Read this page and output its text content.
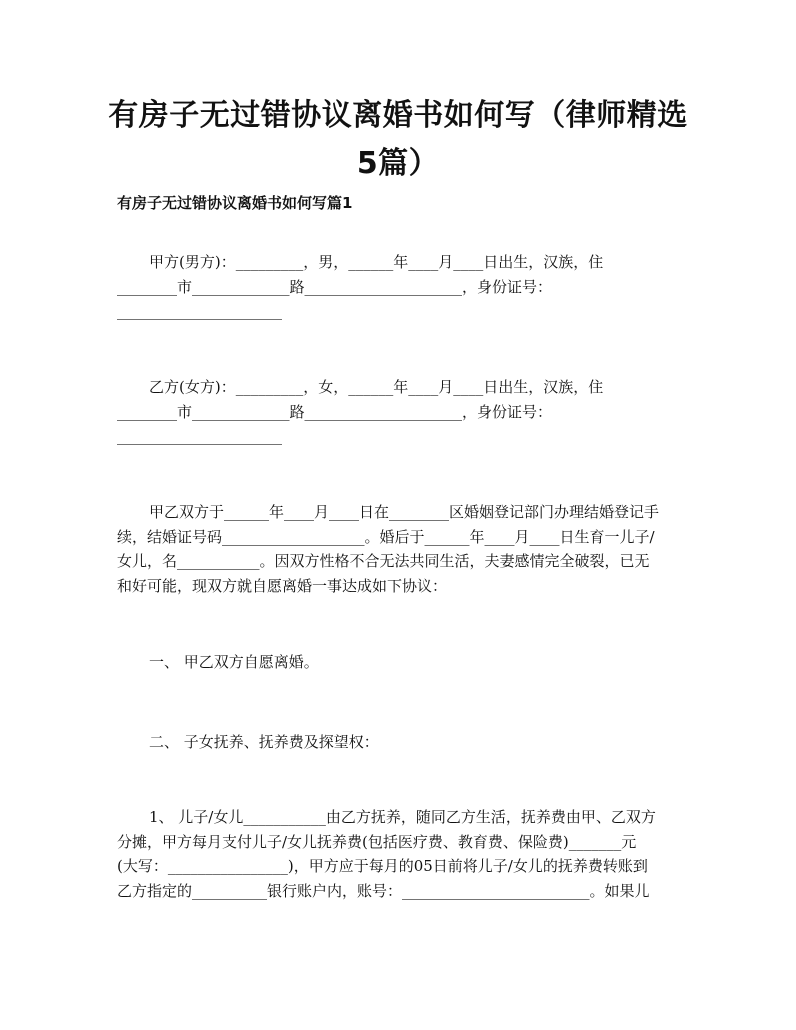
有房子无过错协议离婚书如何写（律师精选
5篇）
有房子无过错协议离婚书如何写篇1
甲方(男方)：_________，男，______年____月____日出生，汉族，住
________市_____________路_____________________，身份证号：
______________________
乙方(女方)：_________，女，______年____月____日出生，汉族，住
________市_____________路_____________________，身份证号：
______________________
甲乙双方于______年____月____日在________区婚姻登记部门办理结婚登记手
续，结婚证号码___________________。婚后于______年____月____日生育一儿子/
女儿，名___________。因双方性格不合无法共同生活，夫妻感情完全破裂，已无
和好可能，现双方就自愿离婚一事达成如下协议：
一、 甲乙双方自愿离婚。
二、 子女抚养、抚养费及探望权：
1、 儿子/女儿___________由乙方抚养，随同乙方生活，抚养费由甲、乙双方
分摊，甲方每月支付儿子/女儿抚养费(包括医疗费、教育费、保险费)_______元
(大写：________________)，甲方应于每月的05日前将儿子/女儿的抚养费转账到
乙方指定的__________银行账户内，账号：_________________________。如果儿
